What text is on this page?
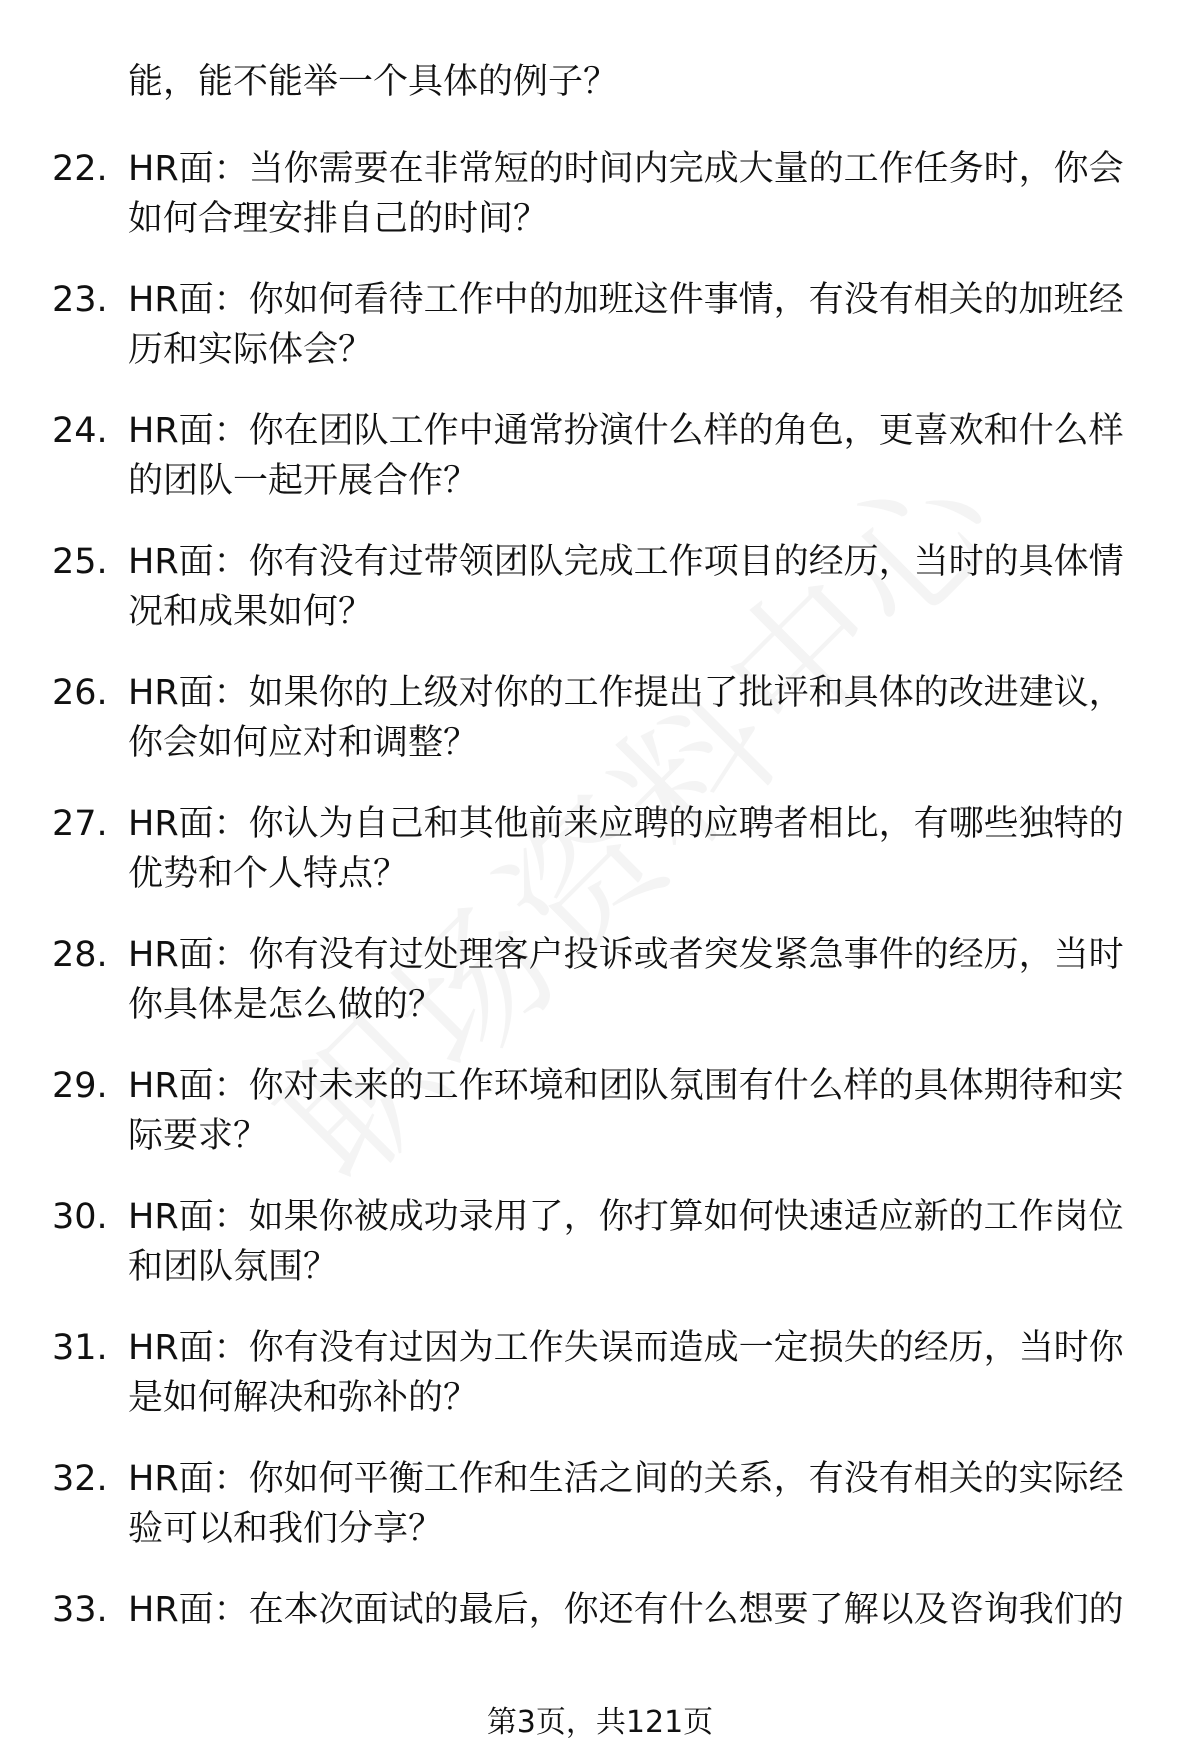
能，能不能举一个具体的例子？
22. HR面：当你需要在非常短的时间内完成大量的工作任务时，你会如何合理安排自己的时间？
23. HR面：你如何看待工作中的加班这件事情，有没有相关的加班经历和实际体会？
24. HR面：你在团队工作中通常扮演什么样的角色，更喜欢和什么样的团队一起开展合作？
25. HR面：你有没有过带领团队完成工作项目的经历，当时的具体情况和成果如何？
26. HR面：如果你的上级对你的工作提出了批评和具体的改进建议，你会如何应对和调整？
27. HR面：你认为自己和其他前来应聘的应聘者相比，有哪些独特的优势和个人特点？
28. HR面：你有没有过处理客户投诉或者突发紧急事件的经历，当时你具体是怎么做的？
29. HR面：你对未来的工作环境和团队氛围有什么样的具体期待和实际要求？
30. HR面：如果你被成功录用了，你打算如何快速适应新的工作岗位和团队氛围？
31. HR面：你有没有过因为工作失误而造成一定损失的经历，当时你是如何解决和弥补的？
32. HR面：你如何平衡工作和生活之间的关系，有没有相关的实际经验可以和我们分享？
33. HR面：在本次面试的最后，你还有什么想要了解以及咨询我们的
第3页，共121页
